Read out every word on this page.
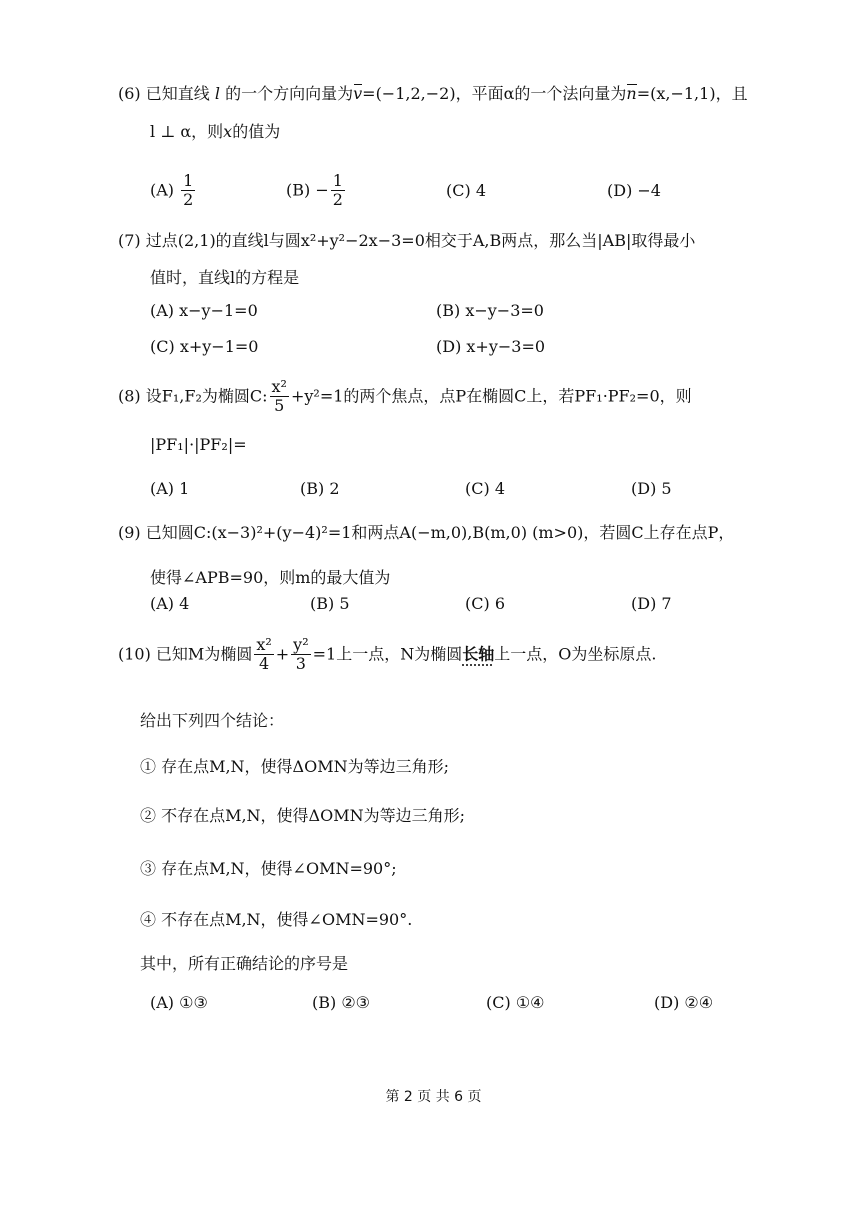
(6) 已知直线 l 的一个方向向量为v=(−1,2,−2)，平面α的一个法向量为n=(x,−1,1)，且
l ⊥ α，则x的值为
$(A) \frac{1}{2}$	$(B) - \frac{1}{2}$	(C) 4	(D) −4
(7) 过点(2,1)的直线l与圆x²+y²−2x−3=0相交于A,B两点，那么当|AB|取得最小
值时，直线l的方程是
(A) x−y−1=0	(B) x−y−3=0
(C) x+y−1=0	(D) x+y−3=0
(8) 设F₁,F₂为椭圆C: $\frac{\text{x²}}{5} +y^2=1$的两个焦点，点P在椭圆C上，若PF₁·PF₂=0，则
|PF₁|·|PF₂|=
(A) 1	(B) 2	(C) 4	(D) 5
(9) 已知圆C:(x−3)²+(y−4)²=1和两点A(−m,0),B(m,0) (m>0)，若圆C上存在点P，
使得∠APB=90，则m的最大值为
(A) 4	(B) 5	(C) 6	(D) 7
(10) 已知M为椭圆 $\frac{\text{x²}}{4} + \frac{\text{y²}}{3} =1$上一点，N为椭圆长轴上一点，O为坐标原点.
给出下列四个结论：
① 存在点M,N，使得ΔOMN为等边三角形;
② 不存在点M,N，使得ΔOMN为等边三角形;
③ 存在点M,N，使得∠OMN=90°;
④ 不存在点M,N，使得∠OMN=90°.
其中，所有正确结论的序号是
(A) ①③	(B) ②③	(C) ①④	(D) ②④
第 2 页 共 6 页
